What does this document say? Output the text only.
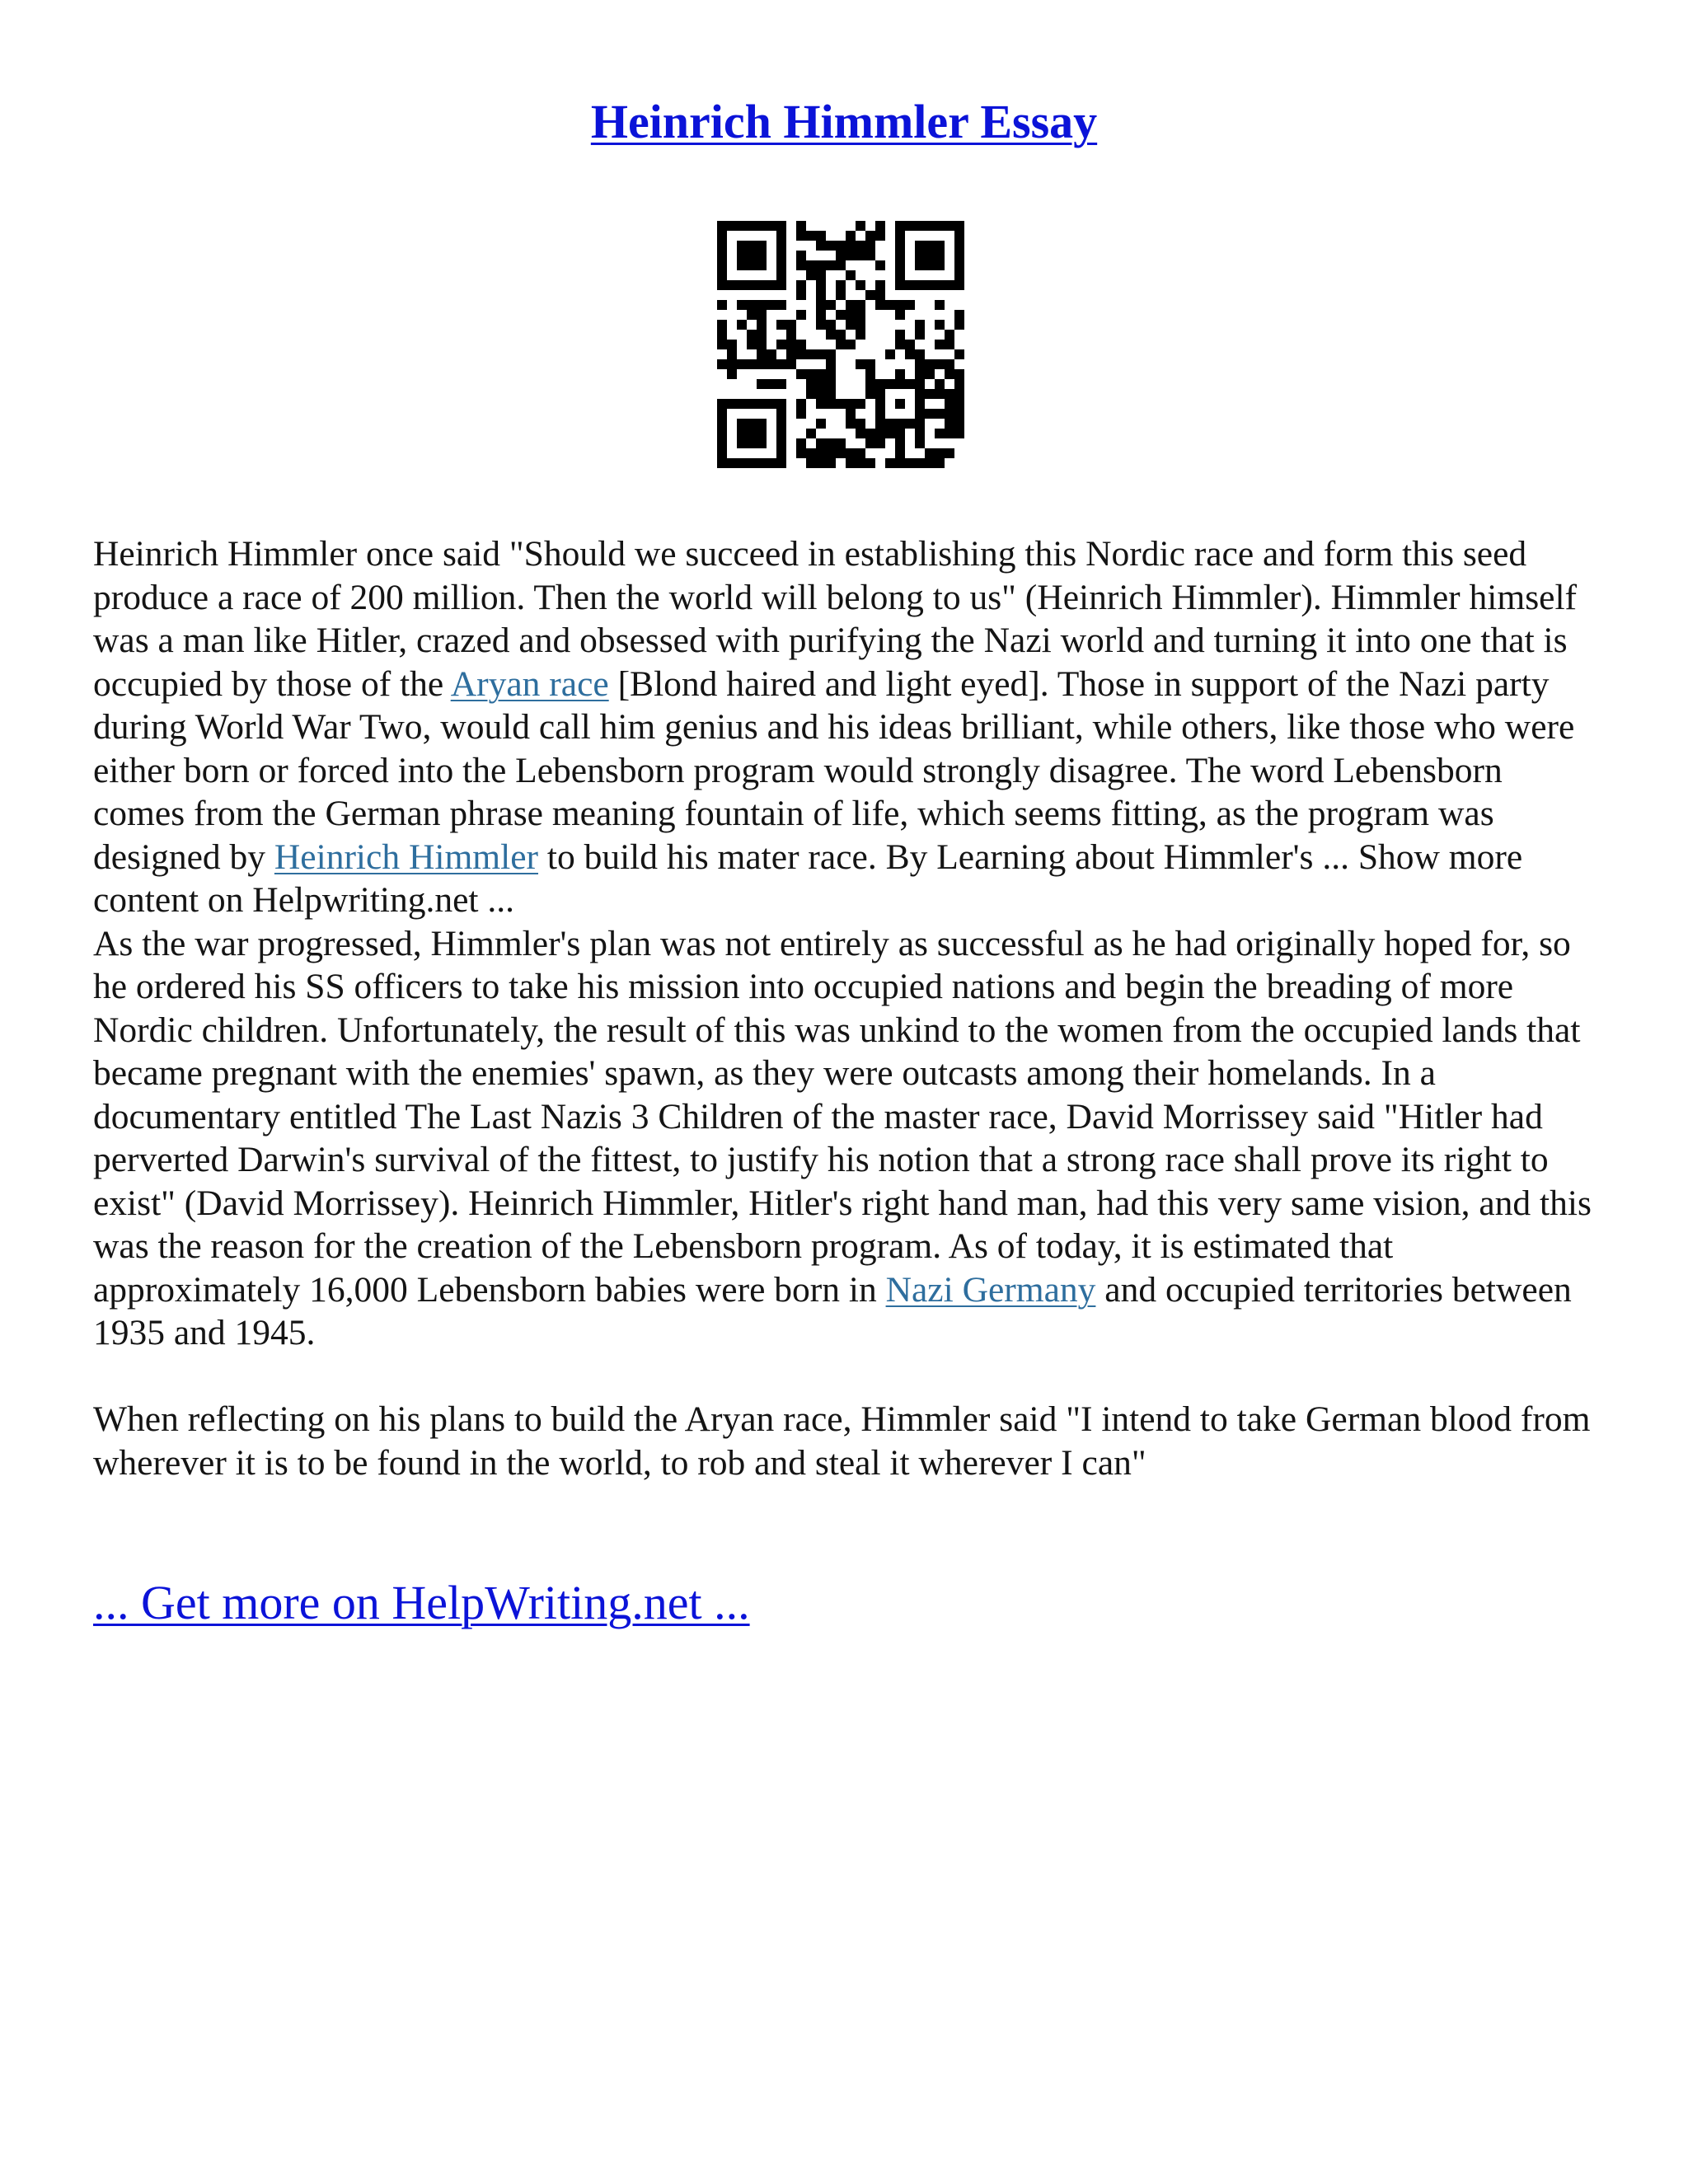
Heinrich Himmler Essay

Heinrich Himmler once said "Should we succeed in establishing this Nordic race and form this seed produce a race of 200 million. Then the world will belong to us" (Heinrich Himmler). Himmler himself was a man like Hitler, crazed and obsessed with purifying the Nazi world and turning it into one that is occupied by those of the Aryan race [Blond haired and light eyed]. Those in support of the Nazi party during World War Two, would call him genius and his ideas brilliant, while others, like those who were either born or forced into the Lebensborn program would strongly disagree. The word Lebensborn comes from the German phrase meaning fountain of life, which seems fitting, as the program was designed by Heinrich Himmler to build his mater race. By Learning about Himmler's ... Show more content on Helpwriting.net ...

As the war progressed, Himmler's plan was not entirely as successful as he had originally hoped for, so he ordered his SS officers to take his mission into occupied nations and begin the breading of more Nordic children. Unfortunately, the result of this was unkind to the women from the occupied lands that became pregnant with the enemies' spawn, as they were outcasts among their homelands. In a documentary entitled The Last Nazis 3 Children of the master race, David Morrissey said "Hitler had perverted Darwin's survival of the fittest, to justify his notion that a strong race shall prove its right to exist" (David Morrissey). Heinrich Himmler, Hitler's right hand man, had this very same vision, and this was the reason for the creation of the Lebensborn program. As of today, it is estimated that approximately 16,000 Lebensborn babies were born in Nazi Germany and occupied territories between
1935 and 1945.

When reflecting on his plans to build the Aryan race, Himmler said "I intend to take German blood from wherever it is to be found in the world, to rob and steal it wherever I can"

... Get more on HelpWriting.net ...
